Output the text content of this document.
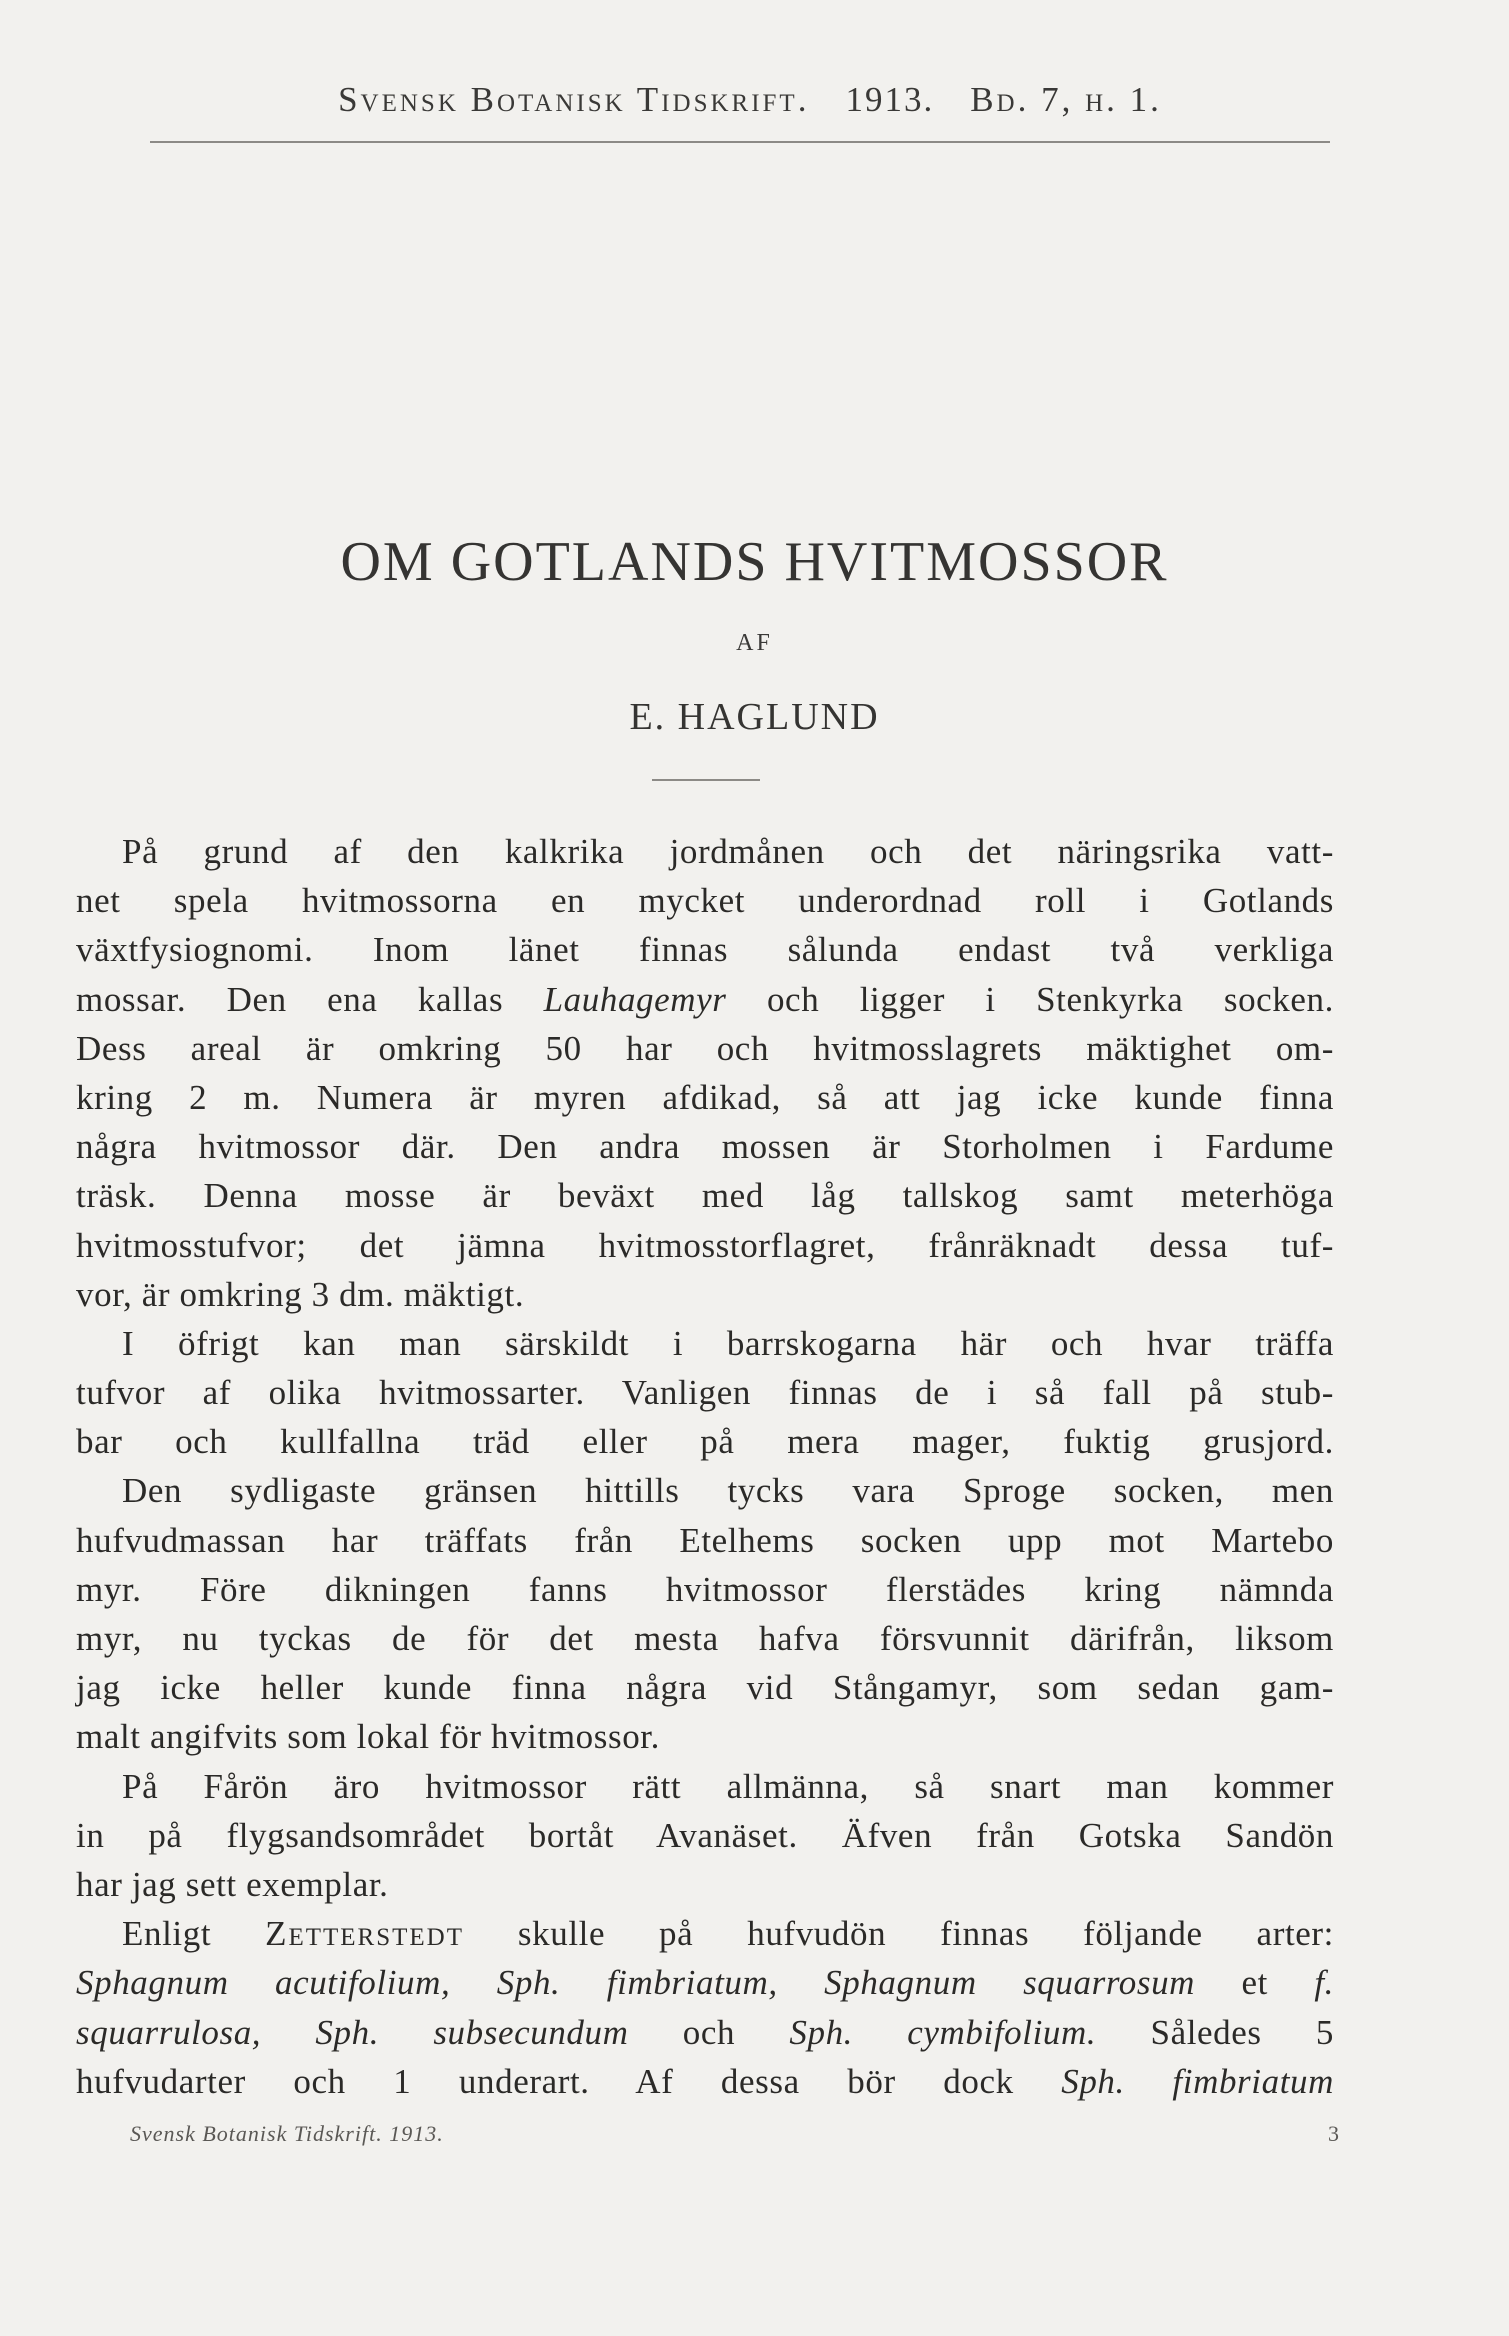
Svensk Botanisk Tidskrift. 1913. Bd. 7, h. 1.
OM GOTLANDS HVITMOSSOR
AF
E. HAGLUND
På grund af den kalkrika jordmånen och det näringsrika vatt-
net spela hvitmossorna en mycket underordnad roll i Gotlands
växtfysiognomi. Inom länet finnas sålunda endast två verkliga
mossar. Den ena kallas Lauhagemyr och ligger i Stenkyrka socken.
Dess areal är omkring 50 har och hvitmosslagrets mäktighet om-
kring 2 m. Numera är myren afdikad, så att jag icke kunde finna
några hvitmossor där. Den andra mossen är Storholmen i Fardume
träsk. Denna mosse är beväxt med låg tallskog samt meterhöga
hvitmosstufvor; det jämna hvitmosstorflagret, frånräknadt dessa tuf-
vor, är omkring 3 dm. mäktigt.
I öfrigt kan man särskildt i barrskogarna här och hvar träffa
tufvor af olika hvitmossarter. Vanligen finnas de i så fall på stub-
bar och kullfallna träd eller på mera mager, fuktig grusjord.
Den sydligaste gränsen hittills tycks vara Sproge socken, men
hufvudmassan har träffats från Etelhems socken upp mot Martebo
myr. Före dikningen fanns hvitmossor flerstädes kring nämnda
myr, nu tyckas de för det mesta hafva försvunnit därifrån, liksom
jag icke heller kunde finna några vid Stångamyr, som sedan gam-
malt angifvits som lokal för hvitmossor.
På Fårön äro hvitmossor rätt allmänna, så snart man kommer
in på flygsandsområdet bortåt Avanäset. Äfven från Gotska Sandön
har jag sett exemplar.
Enligt Zetterstedt skulle på hufvudön finnas följande arter:
Sphagnum acutifolium, Sph. fimbriatum, Sphagnum squarrosum et f.
squarrulosa, Sph. subsecundum och Sph. cymbifolium. Således 5
hufvudarter och 1 underart. Af dessa bör dock Sph. fimbriatum
Svensk Botanisk Tidskrift. 1913.	3
